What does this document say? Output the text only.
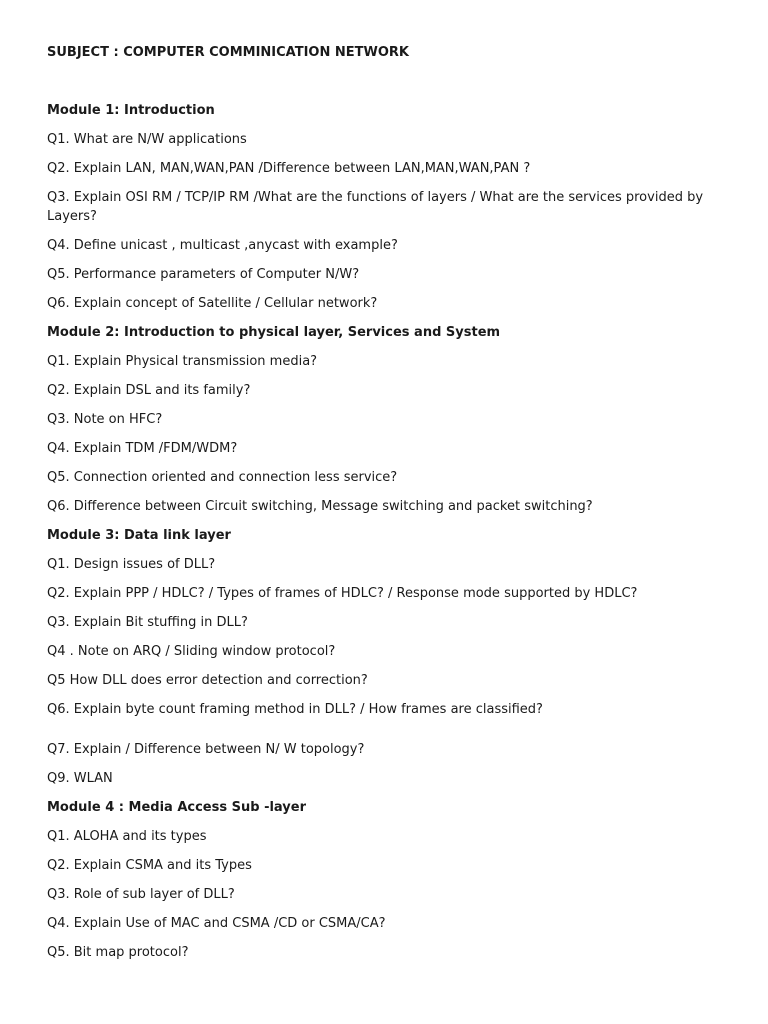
SUBJECT : COMPUTER COMMINICATION NETWORK
Module 1: Introduction
Q1. What are N/W applications
Q2. Explain LAN, MAN,WAN,PAN /Difference between LAN,MAN,WAN,PAN ?
Q3. Explain OSI RM / TCP/IP RM /What are the functions of layers / What are the services provided by Layers?
Q4. Define unicast , multicast ,anycast with example?
Q5. Performance parameters of Computer N/W?
Q6. Explain concept of Satellite / Cellular network?
Module 2: Introduction to physical layer, Services and System
Q1. Explain Physical transmission media?
Q2. Explain DSL and its family?
Q3. Note on HFC?
Q4. Explain TDM /FDM/WDM?
Q5. Connection oriented and connection less service?
Q6. Difference between Circuit switching, Message switching and packet switching?
Module 3: Data link layer
Q1. Design issues of DLL?
Q2. Explain PPP / HDLC? / Types of frames of HDLC? / Response mode supported by HDLC?
Q3. Explain Bit stuffing in DLL?
Q4 . Note on ARQ / Sliding window protocol?
Q5 How DLL does error detection and correction?
Q6. Explain byte count framing method in DLL? / How frames are classified?
Q7. Explain / Difference between N/ W topology?
Q9. WLAN
Module 4 : Media Access Sub -layer
Q1. ALOHA and its types
Q2. Explain CSMA and its Types
Q3. Role of sub layer of DLL?
Q4. Explain Use of MAC and CSMA /CD or CSMA/CA?
Q5. Bit map protocol?
